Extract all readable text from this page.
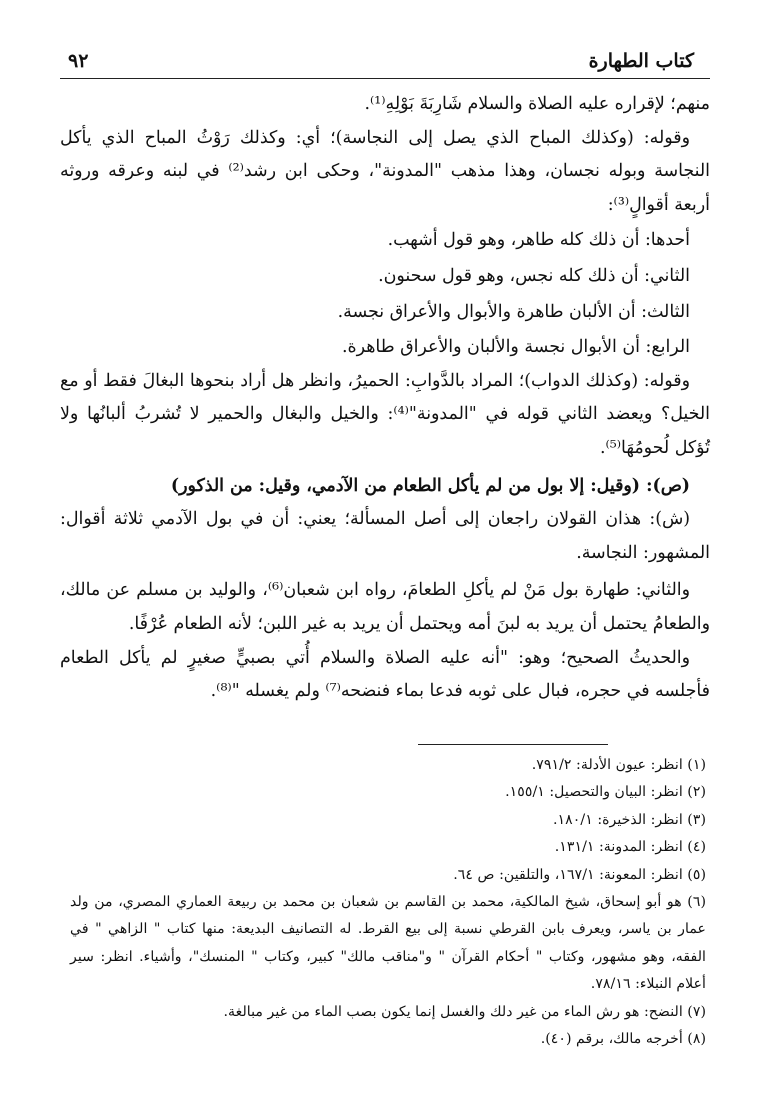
كتاب الطهارة
٩٢

منهم؛ لإقراره عليه الصلاة والسلام شَارِبَةَ بَوْلِهِ⁽¹⁾.

وقوله: (وكذلك المباح الذي يصل إلى النجاسة)؛ أي: وكذلك رَوْثُ المباح الذي يأكل النجاسة وبوله نجسان، وهذا مذهب "المدونة"، وحكى ابن رشد⁽²⁾ في لبنه وعرقه وروثه أربعة أقوالٍ⁽³⁾:

أحدها: أن ذلك كله طاهر، وهو قول أشهب.

الثاني: أن ذلك كله نجس، وهو قول سحنون.

الثالث: أن الألبان طاهرة والأبوال والأعراق نجسة.

الرابع: أن الأبوال نجسة والألبان والأعراق طاهرة.

وقوله: (وكذلك الدواب)؛ المراد بالدَّوابِ: الحميرُ، وانظر هل أراد بنحوها البغالَ فقط أو مع الخيل؟ ويعضد الثاني قوله في "المدونة"⁽⁴⁾: والخيل والبغال والحمير لا تُشربُ ألبانُها ولا تُؤكل لُحومُهَا⁽⁵⁾.

(ص): (وقيل: إلا بول من لم يأكل الطعام من الآدمي، وقيل: من الذكور)

(ش): هذان القولان راجعان إلى أصل المسألة؛ يعني: أن في بول الآدمي ثلاثة أقوال: المشهور: النجاسة.

والثاني: طهارة بول مَنْ لم يأكلِ الطعامَ، رواه ابن شعبان⁽⁶⁾، والوليد بن مسلم عن مالك، والطعامُ يحتمل أن يريد به لبنَ أمه ويحتمل أن يريد به غير اللبن؛ لأنه الطعام عُرْفًا.

والحديثُ الصحيح؛ وهو: "أنه عليه الصلاة والسلام أُتي بصبيٍّ صغيرٍ لم يأكل الطعام فأجلسه في حجره، فبال على ثوبه فدعا بماء فنضحه⁽⁷⁾ ولم يغسله "⁽⁸⁾.

(١) انظر: عيون الأدلة: ٧٩١/٢.

(٢) انظر: البيان والتحصيل: ١٥٥/١.

(٣) انظر: الذخيرة: ١٨٠/١.

(٤) انظر: المدونة: ١٣١/١.

(٥) انظر: المعونة: ١٦٧/١، والتلقين: ص ٦٤.

(٦) هو أبو إسحاق، شيخ المالكية، محمد بن القاسم بن شعبان بن محمد بن ربيعة العماري المصري، من ولد عمار بن ياسر، ويعرف بابن القرطي نسبة إلى بيع القرط. له التصانيف البديعة: منها كتاب " الزاهي " في الفقه، وهو مشهور، وكتاب " أحكام القرآن " و"مناقب مالك" كبير، وكتاب " المنسك"، وأشياء. انظر: سير أعلام النبلاء: ٧٨/١٦.

(٧) النضح: هو رش الماء من غير دلك والغسل إنما يكون بصب الماء من غير مبالغة.

(٨) أخرجه مالك، برقم (٤٠).
